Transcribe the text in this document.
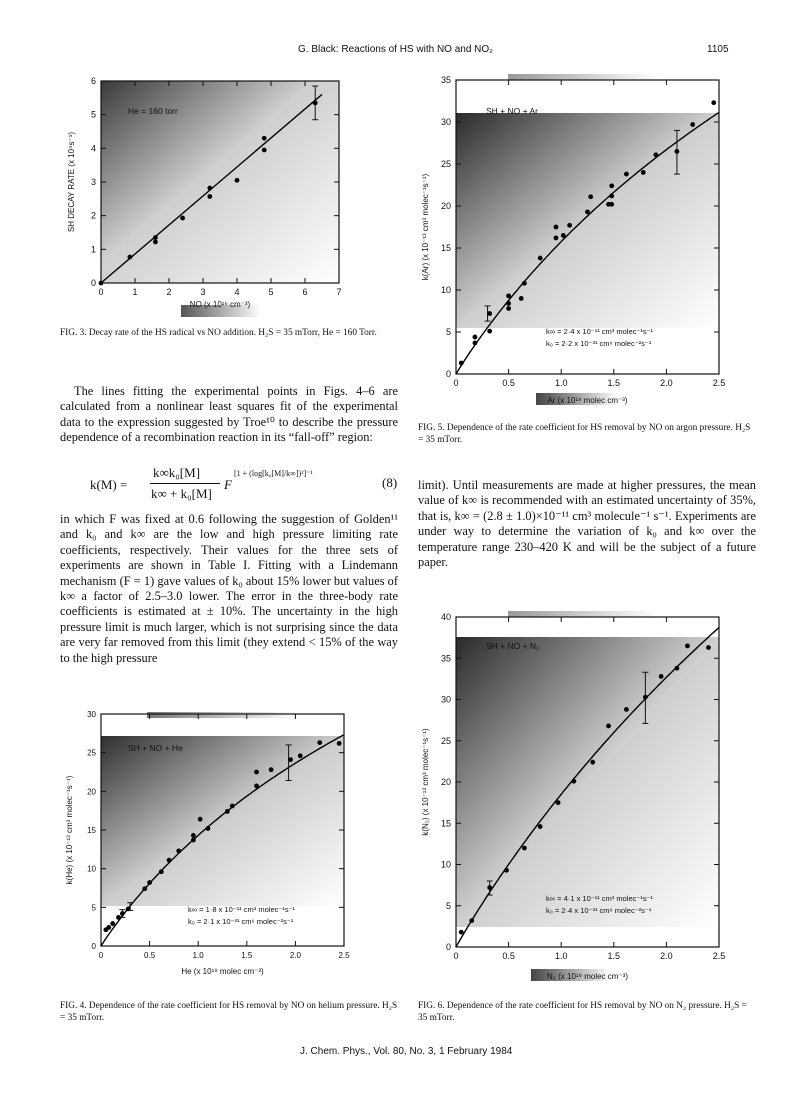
G. Black: Reactions of HS with NO and NO₂	1105
0	1	2	3	4	5	6	7
0
1
2
3
4
5
6
NO (x 10¹⁶ cm⁻³)
SH DECAY RATE (x 10⁴s⁻¹)
He = 160 torr
FIG. 3. Decay rate of the HS radical vs NO addition. H₂S = 35 mTorr, He = 160 Torr.

The lines fitting the experimental points in Figs. 4–6 are calculated from a nonlinear least squares fit of the experimental data to the expression suggested by Troe¹⁰ to describe the pressure dependence of a recombination reaction in its “fall-off” region:

k(M) =
k∞k₀[M]
k∞ + k₀[M]
F
[1 + (log[k₀[M]/k∞])²]⁻¹
(8)

in which F was fixed at 0.6 following the suggestion of Golden¹¹ and k₀ and k∞ are the low and high pressure limiting rate coefficients, respectively. Their values for the three sets of experiments are shown in Table I. Fitting with a Lindemann mechanism (F = 1) gave values of k₀ about 15% lower but values of k∞ a factor of 2.5–3.0 lower. The error in the three-body rate coefficients is estimated at ± 10%. The uncertainty in the high pressure limit is much larger, which is not surprising since the data are very far removed from this limit (they extend < 15% of the way to the high pressure

0	0.5	1.0	1.5	2.0	2.5
0
5
10
15
20
25
30
He (x 10¹⁹ molec cm⁻³)
k(He) (x 10⁻¹³ cm³ molec⁻¹s⁻¹)
SH + NO + He
k∞ = 1·8 x 10⁻¹¹ cm³ molec⁻¹s⁻¹
k₀ = 2·1 x 10⁻³¹ cm⁶ molec⁻²s⁻¹
FIG. 4. Dependence of the rate coefficient for HS removal by NO on helium pressure. H₂S = 35 mTorr.
0	0.5	1.0	1.5	2.0	2.5
0
5
10
15
20
25
30
35
Ar (x 10¹⁹ molec cm⁻³)
k(Ar) (x 10⁻¹³ cm³ molec⁻¹s⁻¹)
SH + NO + Ar
k∞ = 2·4 x 10⁻¹¹ cm³ molec⁻¹s⁻¹
k₀ = 2·2 x 10⁻³¹ cm⁶ molec⁻²s⁻¹
FIG. 5. Dependence of the rate coefficient for HS removal by NO on argon pressure. H₂S = 35 mTorr.

limit). Until measurements are made at higher pressures, the mean value of k∞ is recommended with an estimated uncertainty of 35%, that is, k∞ = (2.8 ± 1.0)×10⁻¹¹ cm³ molecule⁻¹ s⁻¹. Experiments are under way to determine the variation of k₀ and k∞ over the temperature range 230–420 K and will be the subject of a future paper.

0	0.5	1.0	1.5	2.0	2.5
0
5
10
15
20
25
30
35
40
N₂ (x 10¹⁹ molec cm⁻³)
k(N₂) (x 10⁻¹³ cm³ molec⁻¹s⁻¹)
SH + NO + N₂
k∞ = 4·1 x 10⁻¹¹ cm³ molec⁻¹s⁻¹
k₀ = 2·4 x 10⁻³¹ cm⁶ molec⁻²s⁻¹
FIG. 6. Dependence of the rate coefficient for HS removal by NO on N₂ pressure. H₂S = 35 mTorr.
J. Chem. Phys., Vol. 80, No. 3, 1 February 1984
